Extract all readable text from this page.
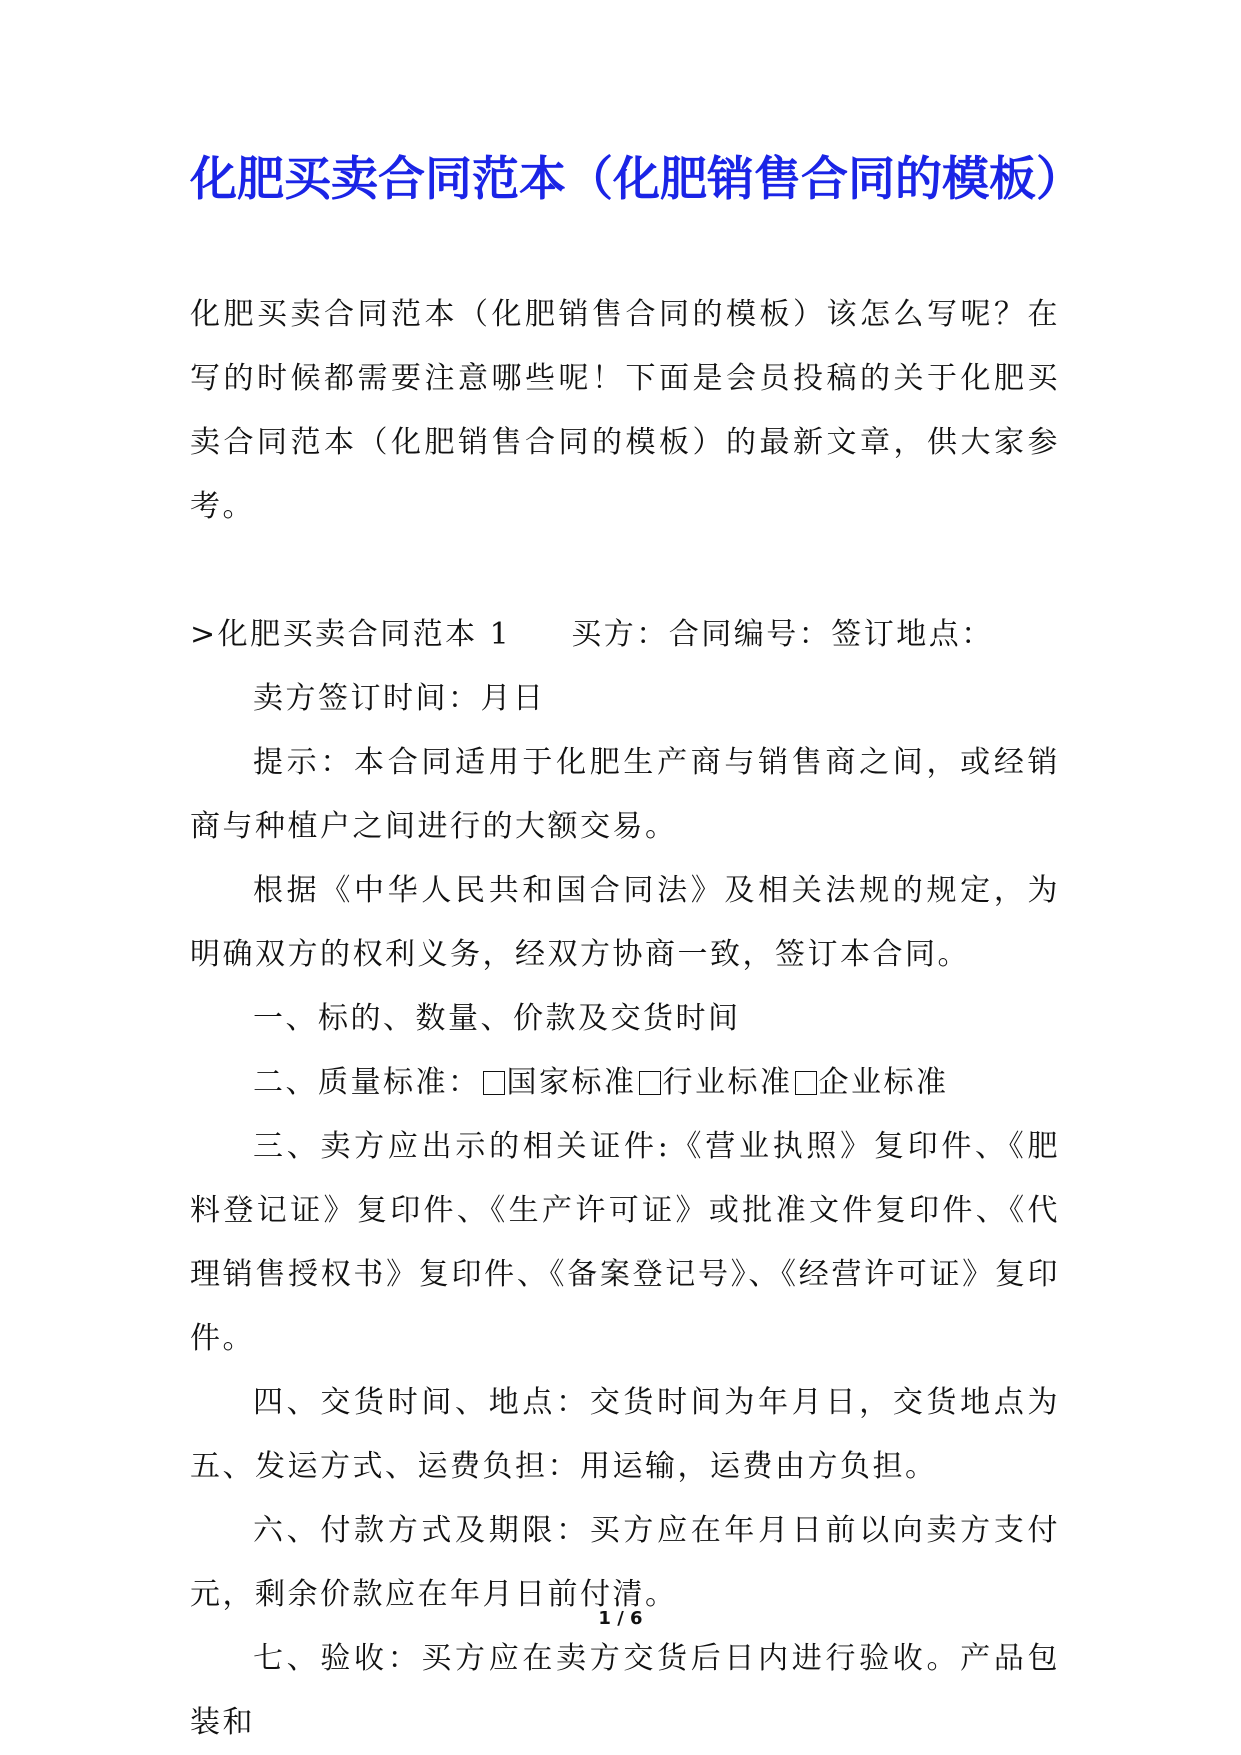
化肥买卖合同范本（化肥销售合同的模板）

化肥买卖合同范本（化肥销售合同的模板）该怎么写呢？在写的时候都需要注意哪些呢！下面是会员投稿的关于化肥买卖合同范本（化肥销售合同的模板）的最新文章，供大家参考。

>化肥买卖合同范本 1 买方：合同编号：签订地点：

卖方签订时间：月日

提示：本合同适用于化肥生产商与销售商之间，或经销商与种植户之间进行的大额交易。

根据《中华人民共和国合同法》及相关法规的规定，为明确双方的权利义务，经双方协商一致，签订本合同。

一、标的、数量、价款及交货时间

二、质量标准： 国家标准 行业标准 企业标准

三、卖方应出示的相关证件:《营业执照》复印件、《肥料登记证》复印件、《生产许可证》或批准文件复印件、《代理销售授权书》复印件、《备案登记号》、《经营许可证》复印件。

四、交货时间、地点：交货时间为年月日，交货地点为五、发运方式、运费负担：用运输，运费由方负担。

六、付款方式及期限：买方应在年月日前以向卖方支付元，剩余价款应在年月日前付清。

七、验收：买方应在卖方交货后日内进行验收。产品包装和

1 / 6
